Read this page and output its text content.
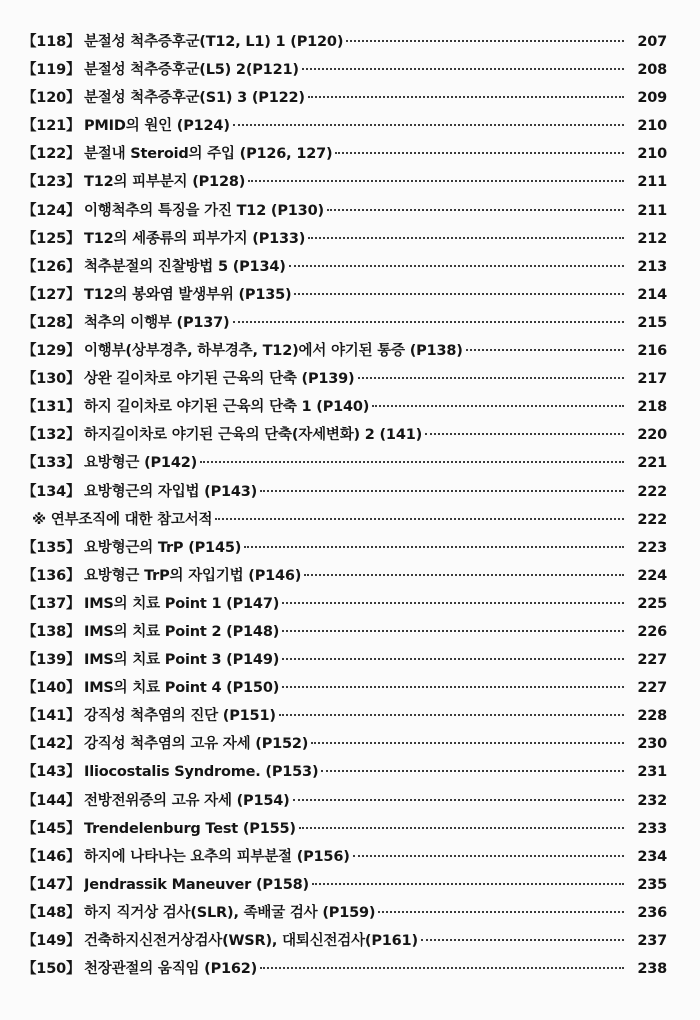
【118】 분절성 척추증후군(T12, L1) 1 (P120)	207
【119】 분절성 척추증후군(L5) 2(P121)	208
【120】 분절성 척추증후군(S1) 3 (P122)	209
【121】 PMID의 원인 (P124)	210
【122】 분절내 Steroid의 주입 (P126, 127)	210
【123】 T12의 피부분지 (P128)	211
【124】 이행척추의 특징을 가진 T12 (P130)	211
【125】 T12의 세종류의 피부가지 (P133)	212
【126】 척추분절의 진찰방법 5 (P134)	213
【127】 T12의 봉와염 발생부위 (P135)	214
【128】 척추의 이행부 (P137)	215
【129】 이행부(상부경추, 하부경추, T12)에서 야기된 통증 (P138)	216
【130】 상완 길이차로 야기된 근육의 단축 (P139)	217
【131】 하지 길이차로 야기된 근육의 단축 1 (P140)	218
【132】 하지길이차로 야기된 근육의 단축(자세변화) 2 (141)	220
【133】 요방형근 (P142)	221
【134】 요방형근의 자입법 (P143)	222
※ 연부조직에 대한 참고서적	222
【135】 요방형근의 TrP (P145)	223
【136】 요방형근 TrP의 자입기법 (P146)	224
【137】 IMS의 치료 Point 1 (P147)	225
【138】 IMS의 치료 Point 2 (P148)	226
【139】 IMS의 치료 Point 3 (P149)	227
【140】 IMS의 치료 Point 4 (P150)	227
【141】 강직성 척추염의 진단 (P151)	228
【142】 강직성 척추염의 고유 자세 (P152)	230
【143】 Iliocostalis Syndrome. (P153)	231
【144】 전방전위증의 고유 자세 (P154)	232
【145】 Trendelenburg Test (P155)	233
【146】 하지에 나타나는 요추의 피부분절 (P156)	234
【147】 Jendrassik Maneuver (P158)	235
【148】 하지 직거상 검사(SLR), 족배굴 검사 (P159)	236
【149】 건축하지신전거상검사(WSR), 대퇴신전검사(P161)	237
【150】 천장관절의 움직임 (P162)	238
